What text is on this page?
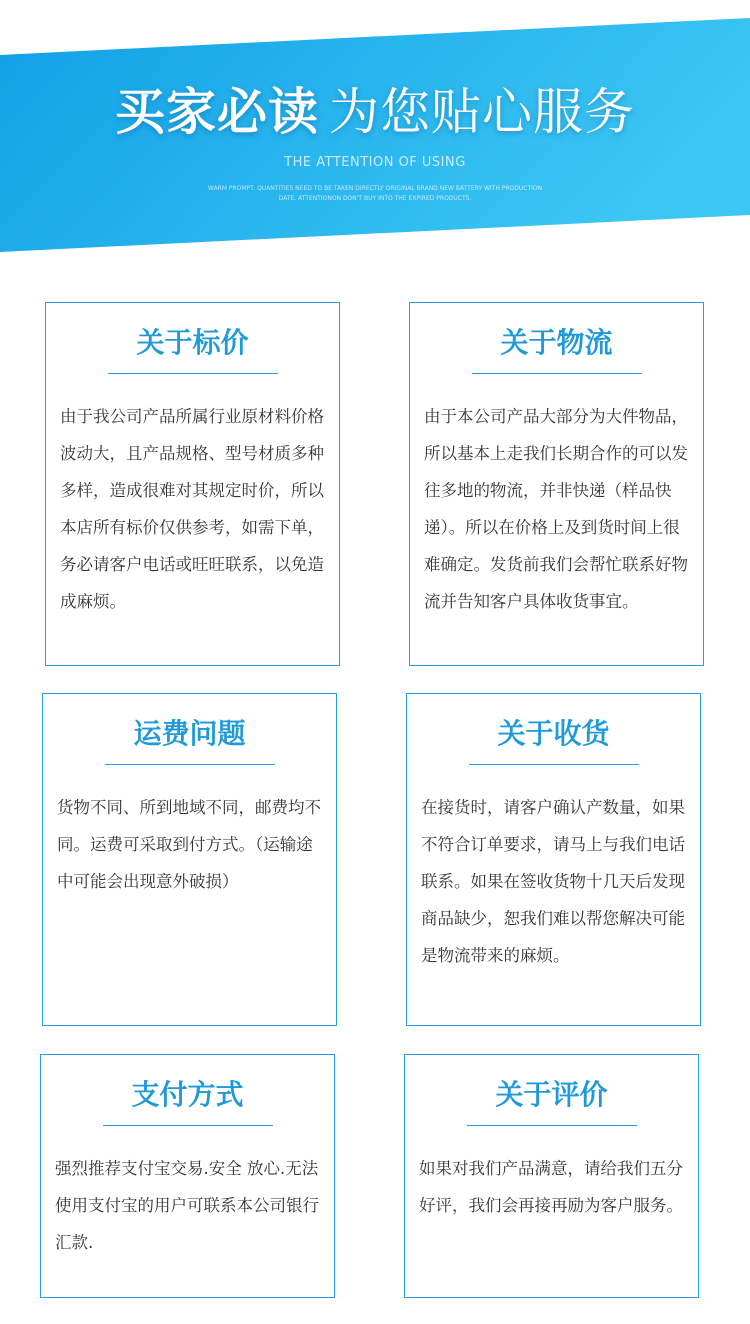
买家必读 为您贴心服务
THE ATTENTION OF USING
WARM PROMPT: QUANTITIES NEED TO BE TAKEN DIRECTLY ORIGINAL BRAND NEW BATTERY WITH PRODUCTION
DATE, ATTENTIONON DON'T BUY INTO THE EXPIRED PRODUCTS.
关于标价
由于我公司产品所属行业原材料价格波动大，且产品规格、型号材质多种多样，造成很难对其规定时价，所以本店所有标价仅供参考，如需下单，务必请客户电话或旺旺联系，以免造成麻烦。
关于物流
由于本公司产品大部分为大件物品，所以基本上走我们长期合作的可以发往多地的物流，并非快递（样品快递）。所以在价格上及到货时间上很难确定。发货前我们会帮忙联系好物流并告知客户具体收货事宜。
运费问题
货物不同、所到地域不同，邮费均不同。运费可采取到付方式。（运输途中可能会出现意外破损）
关于收货
在接货时，请客户确认产数量，如果不符合订单要求，请马上与我们电话联系。如果在签收货物十几天后发现商品缺少，恕我们难以帮您解决可能是物流带来的麻烦。
支付方式
强烈推荐支付宝交易.安全 放心.无法使用支付宝的用户可联系本公司银行汇款.
关于评价
如果对我们产品满意，请给我们五分好评，我们会再接再励为客户服务。
